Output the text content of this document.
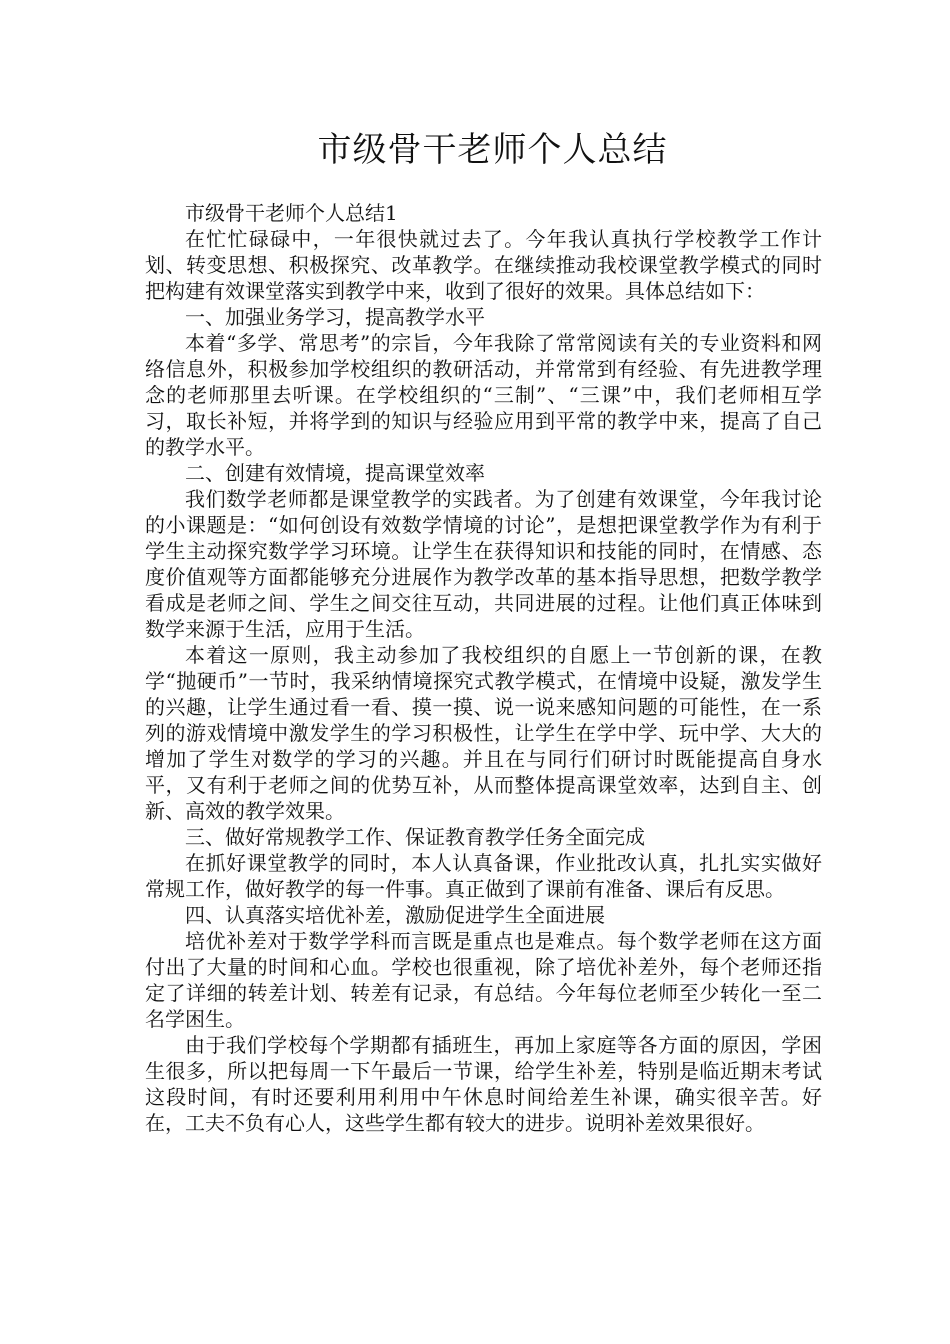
市级骨干老师个人总结

市级骨干老师个人总结1

在忙忙碌碌中，一年很快就过去了。今年我认真执行学校教学工作计划、转变思想、积极探究、改革教学。在继续推动我校课堂教学模式的同时把构建有效课堂落实到教学中来，收到了很好的效果。具体总结如下：

一、加强业务学习，提高教学水平

本着“多学、常思考”的宗旨，今年我除了常常阅读有关的专业资料和网络信息外，积极参加学校组织的教研活动，并常常到有经验、有先进教学理念的老师那里去听课。在学校组织的“三制”、“三课”中，我们老师相互学习，取长补短，并将学到的知识与经验应用到平常的教学中来，提高了自己的教学水平。

二、创建有效情境，提高课堂效率

我们数学老师都是课堂教学的实践者。为了创建有效课堂，今年我讨论的小课题是：“如何创设有效数学情境的讨论”，是想把课堂教学作为有利于学生主动探究数学学习环境。让学生在获得知识和技能的同时，在情感、态度价值观等方面都能够充分进展作为教学改革的基本指导思想，把数学教学看成是老师之间、学生之间交往互动，共同进展的过程。让他们真正体味到数学来源于生活，应用于生活。

本着这一原则，我主动参加了我校组织的自愿上一节创新的课，在教学“抛硬币”一节时，我采纳情境探究式教学模式，在情境中设疑，激发学生的兴趣，让学生通过看一看、摸一摸、说一说来感知问题的可能性，在一系列的游戏情境中激发学生的学习积极性，让学生在学中学、玩中学、大大的增加了学生对数学的学习的兴趣。并且在与同行们研讨时既能提高自身水平，又有利于老师之间的优势互补，从而整体提高课堂效率，达到自主、创新、高效的教学效果。

三、做好常规教学工作、保证教育教学任务全面完成

在抓好课堂教学的同时，本人认真备课，作业批改认真，扎扎实实做好常规工作，做好教学的每一件事。真正做到了课前有准备、课后有反思。

四、认真落实培优补差，激励促进学生全面进展

培优补差对于数学学科而言既是重点也是难点。每个数学老师在这方面付出了大量的时间和心血。学校也很重视，除了培优补差外，每个老师还指定了详细的转差计划、转差有记录，有总结。今年每位老师至少转化一至二名学困生。

由于我们学校每个学期都有插班生，再加上家庭等各方面的原因，学困生很多，所以把每周一下午最后一节课，给学生补差，特别是临近期末考试这段时间，有时还要利用利用中午休息时间给差生补课，确实很辛苦。好在，工夫不负有心人，这些学生都有较大的进步。说明补差效果很好。
